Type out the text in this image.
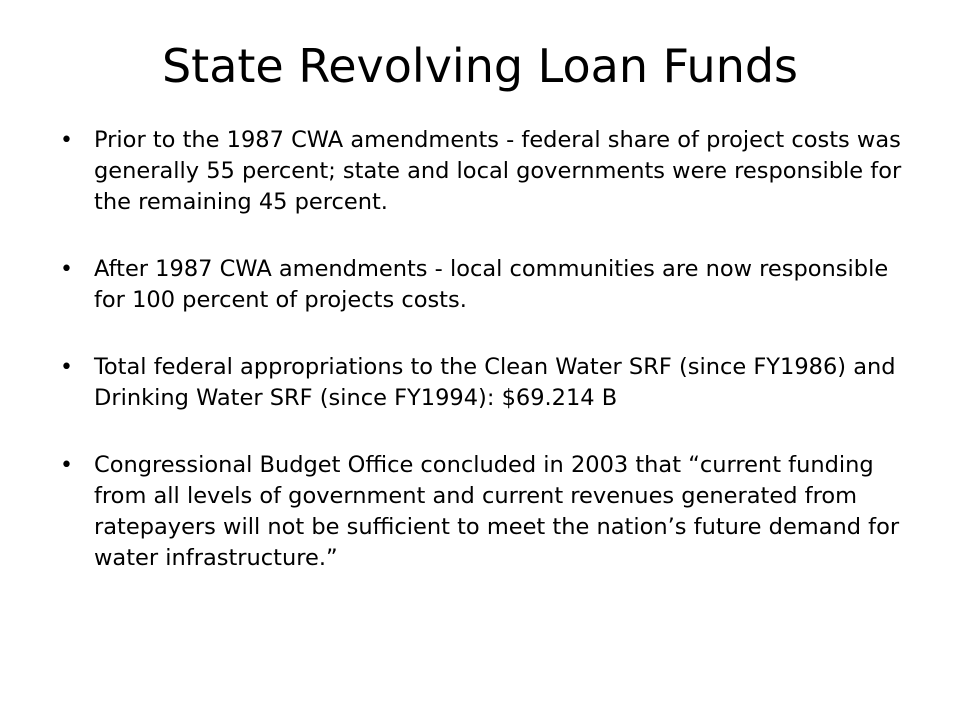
State Revolving Loan Funds
• Prior to the 1987 CWA amendments - federal share of project costs was generally 55 percent; state and local governments were responsible for the remaining 45 percent.
• After 1987 CWA amendments - local communities are now responsible for 100 percent of projects costs.
• Total federal appropriations to the Clean Water SRF (since FY1986) and Drinking Water SRF (since FY1994): $69.214 B
• Congressional Budget Office concluded in 2003 that “current funding from all levels of government and current revenues generated from ratepayers will not be sufficient to meet the nation’s future demand for water infrastructure.”
